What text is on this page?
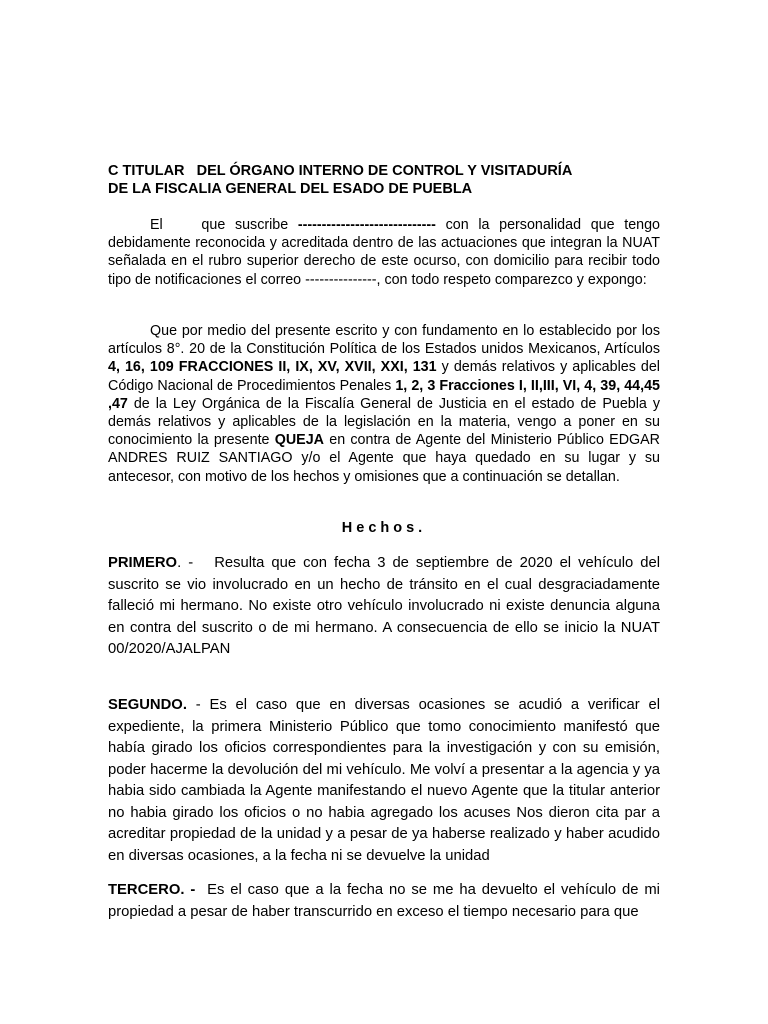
C TITULAR   DEL ÓRGANO INTERNO DE CONTROL Y VISITADURÍA
DE LA FISCALIA GENERAL DEL ESADO DE PUEBLA

El    que suscribe ----------------------------- con la personalidad que tengo debidamente reconocida y acreditada dentro de las actuaciones que integran la NUAT señalada en el rubro superior derecho de este ocurso, con domicilio para recibir todo tipo de notificaciones el correo ---------------, con todo respeto comparezco y expongo:

Que por medio del presente escrito y con fundamento en lo establecido por los artículos 8°. 20 de la Constitución Política de los Estados unidos Mexicanos, Artículos 4, 16, 109 FRACCIONES II, IX, XV, XVII, XXI, 131 y demás relativos y aplicables del Código Nacional de Procedimientos Penales 1, 2, 3 Fracciones I, II,III, VI, 4, 39, 44,45 ,47 de la Ley Orgánica de la Fiscalía General de Justicia en el estado de Puebla y demás relativos y aplicables de la legislación en la materia, vengo a poner en su conocimiento la presente QUEJA en contra de Agente del Ministerio Público EDGAR ANDRES RUIZ SANTIAGO y/o el Agente que haya quedado en su lugar y su antecesor, con motivo de los hechos y omisiones que a continuación se detallan.

Hechos.

PRIMERO. -   Resulta que con fecha 3 de septiembre de 2020 el vehículo del suscrito se vio involucrado en un hecho de tránsito en el cual desgraciadamente falleció mi hermano. No existe otro vehículo involucrado ni existe denuncia alguna en contra del suscrito o de mi hermano. A consecuencia de ello se inicio la NUAT 00/2020/AJALPAN

SEGUNDO. - Es el caso que en diversas ocasiones se acudió a verificar el expediente, la primera Ministerio Público que tomo conocimiento manifestó que había girado los oficios correspondientes para la investigación y con su emisión, poder hacerme la devolución del mi vehículo. Me volví a presentar a la agencia y ya habia sido cambiada la Agente manifestando el nuevo Agente que la titular anterior no habia girado los oficios o no habia agregado los acuses Nos dieron cita par a acreditar propiedad de la unidad y a pesar de ya haberse realizado y haber acudido en diversas ocasiones, a la fecha ni se devuelve la unidad

TERCERO. - Es el caso que a la fecha no se me ha devuelto el vehículo de mi propiedad a pesar de haber transcurrido en exceso el tiempo necesario para que
